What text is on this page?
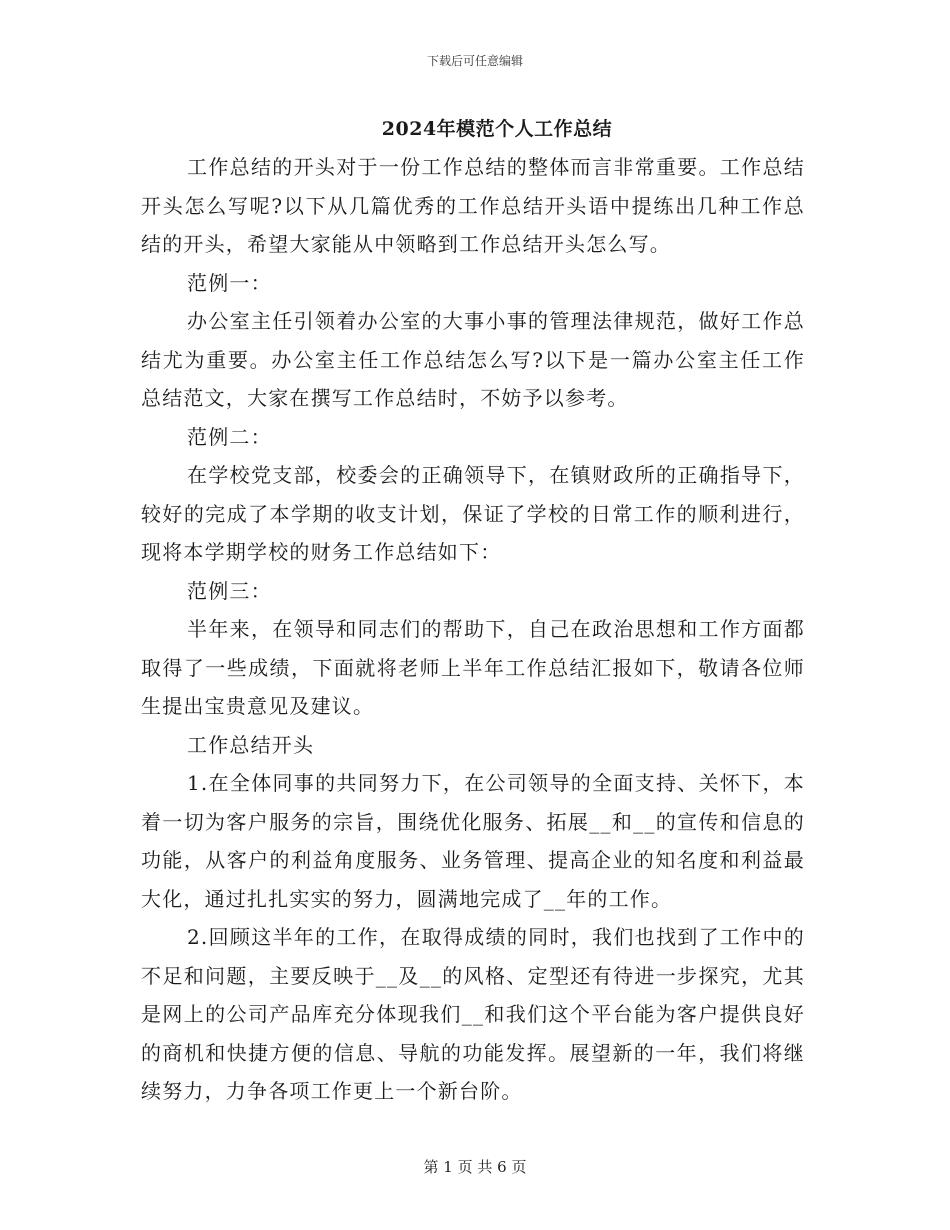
下载后可任意编辑
2024年模范个人工作总结

工作总结的开头对于一份工作总结的整体而言非常重要。工作总结开头怎么写呢?以下从几篇优秀的工作总结开头语中提练出几种工作总结的开头，希望大家能从中领略到工作总结开头怎么写。

范例一：

办公室主任引领着办公室的大事小事的管理法律规范，做好工作总结尤为重要。办公室主任工作总结怎么写?以下是一篇办公室主任工作总结范文，大家在撰写工作总结时，不妨予以参考。

范例二：

在学校党支部，校委会的正确领导下，在镇财政所的正确指导下，较好的完成了本学期的收支计划，保证了学校的日常工作的顺利进行，现将本学期学校的财务工作总结如下：

范例三：

半年来，在领导和同志们的帮助下，自己在政治思想和工作方面都取得了一些成绩，下面就将老师上半年工作总结汇报如下，敬请各位师生提出宝贵意见及建议。

工作总结开头

1.在全体同事的共同努力下，在公司领导的全面支持、关怀下，本着一切为客户服务的宗旨，围绕优化服务、拓展__和__的宣传和信息的功能，从客户的利益角度服务、业务管理、提高企业的知名度和利益最大化，通过扎扎实实的努力，圆满地完成了__年的工作。

2.回顾这半年的工作，在取得成绩的同时，我们也找到了工作中的不足和问题，主要反映于__及__的风格、定型还有待进一步探究，尤其是网上的公司产品库充分体现我们__和我们这个平台能为客户提供良好的商机和快捷方便的信息、导航的功能发挥。展望新的一年，我们将继续努力，力争各项工作更上一个新台阶。

第 1 页 共 6 页
